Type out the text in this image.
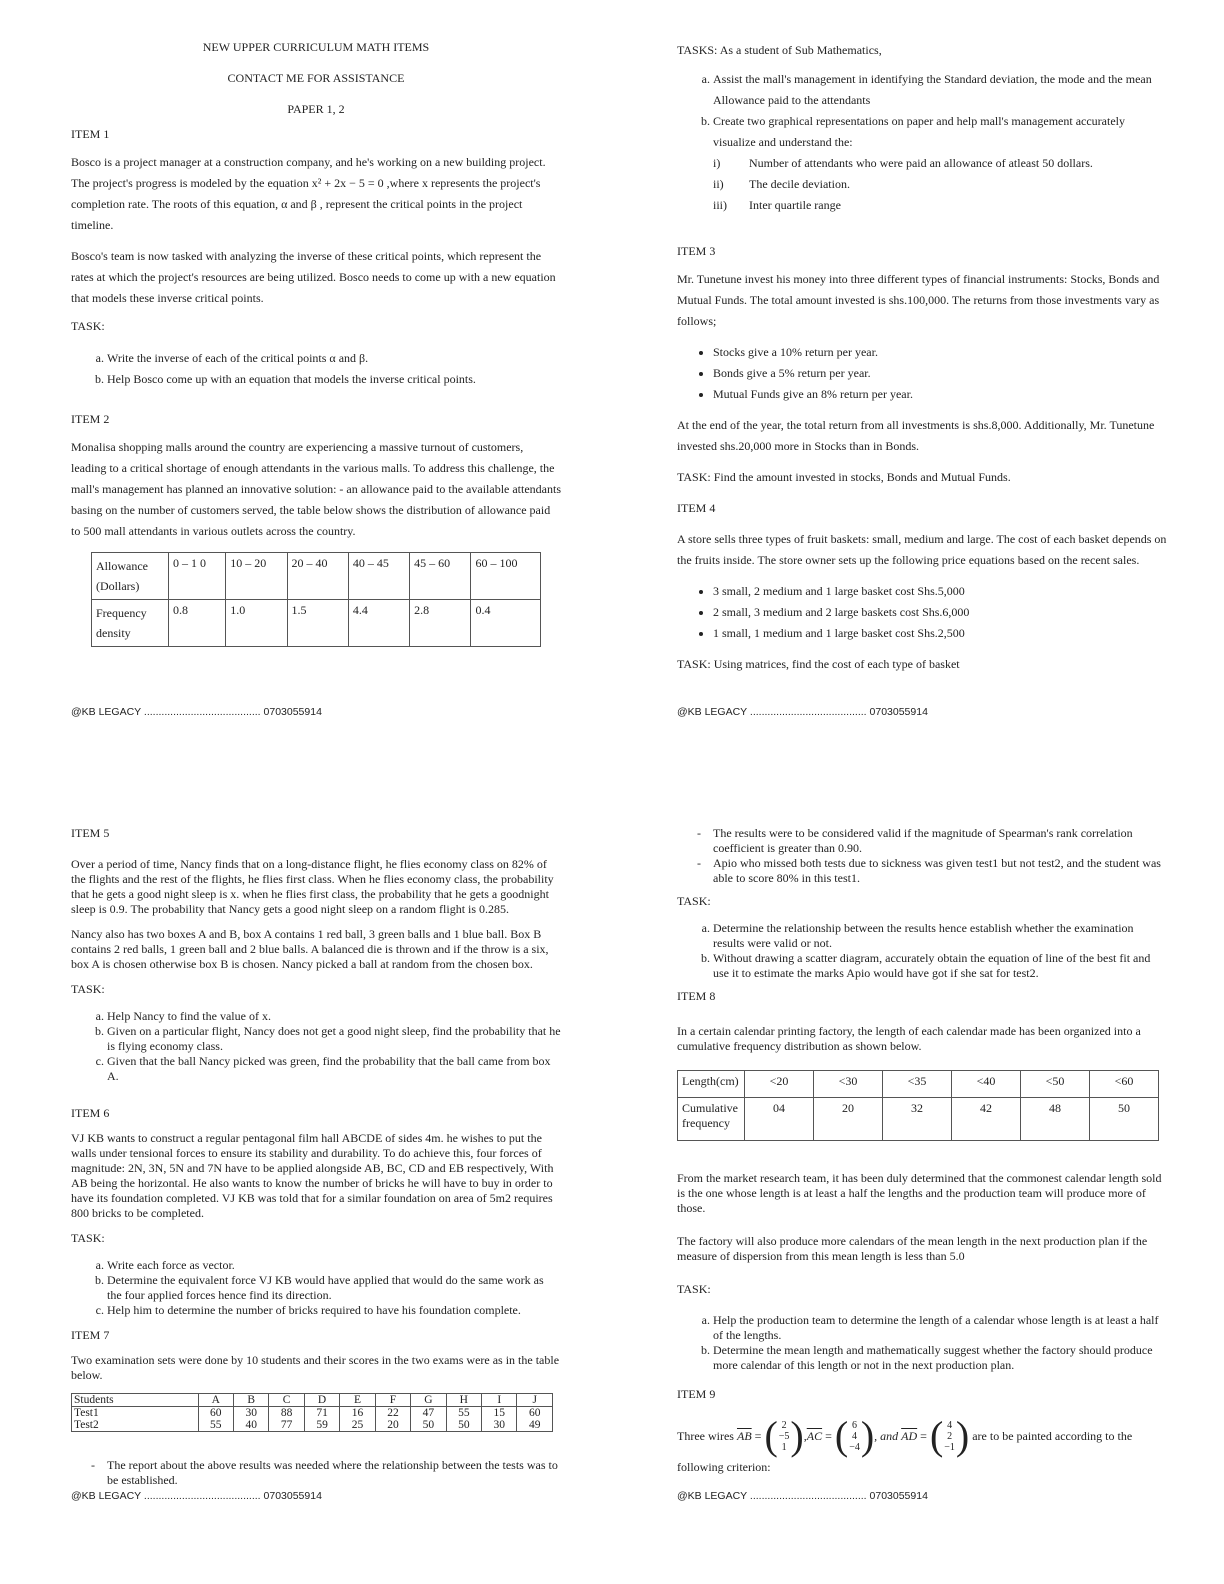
NEW UPPER CURRICULUM MATH ITEMS

CONTACT ME FOR ASSISTANCE

PAPER 1, 2

ITEM 1

Bosco is a project manager at a construction company, and he's working on a new building project. The project's progress is modeled by the equation x² + 2x − 5 = 0 ,where x represents the project's completion rate. The roots of this equation, α and β , represent the critical points in the project timeline.

Bosco's team is now tasked with analyzing the inverse of these critical points, which represent the rates at which the project's resources are being utilized. Bosco needs to come up with a new equation that models these inverse critical points.

TASK:

a. Write the inverse of each of the critical points α and β.
b. Help Bosco come up with an equation that models the inverse critical points.

ITEM 2

Monalisa shopping malls around the country are experiencing a massive turnout of customers, leading to a critical shortage of enough attendants in the various malls. To address this challenge, the mall's management has planned an innovative solution: - an allowance paid to the available attendants basing on the number of customers served, the table below shows the distribution of allowance paid to 500 mall attendants in various outlets across the country.

Allowance (Dollars)	0 – 1 0	10 – 20	20 – 40	40 – 45	45 – 60	60 – 100
Frequency density	0.8	1.0	1.5	4.4	2.8	0.4
@KB LEGACY ........................................ 0703055914

TASKS: As a student of Sub Mathematics,

a. Assist the mall's management in identifying the Standard deviation, the mode and the mean Allowance paid to the attendants
b. Create two graphical representations on paper and help mall's management accurately visualize and understand the:
i) Number of attendants who were paid an allowance of atleast 50 dollars.
ii) The decile deviation.
iii) Inter quartile range

ITEM 3

Mr. Tunetune invest his money into three different types of financial instruments: Stocks, Bonds and Mutual Funds. The total amount invested is shs.100,000. The returns from those investments vary as follows;

• Stocks give a 10% return per year.
• Bonds give a 5% return per year.
• Mutual Funds give an 8% return per year.

At the end of the year, the total return from all investments is shs.8,000. Additionally, Mr. Tunetune invested shs.20,000 more in Stocks than in Bonds.

TASK: Find the amount invested in stocks, Bonds and Mutual Funds.

ITEM 4

A store sells three types of fruit baskets: small, medium and large. The cost of each basket depends on the fruits inside. The store owner sets up the following price equations based on the recent sales.

• 3 small, 2 medium and 1 large basket cost Shs.5,000
• 2 small, 3 medium and 2 large baskets cost Shs.6,000
• 1 small, 1 medium and 1 large basket cost Shs.2,500

TASK: Using matrices, find the cost of each type of basket

@KB LEGACY ........................................ 0703055914

ITEM 5

Over a period of time, Nancy finds that on a long-distance flight, he flies economy class on 82% of the flights and the rest of the flights, he flies first class. When he flies economy class, the probability that he gets a good night sleep is x. when he flies first class, the probability that he gets a goodnight sleep is 0.9. The probability that Nancy gets a good night sleep on a random flight is 0.285.

Nancy also has two boxes A and B, box A contains 1 red ball, 3 green balls and 1 blue ball. Box B contains 2 red balls, 1 green ball and 2 blue balls. A balanced die is thrown and if the throw is a six, box A is chosen otherwise box B is chosen. Nancy picked a ball at random from the chosen box.

TASK:

a. Help Nancy to find the value of x.
b. Given on a particular flight, Nancy does not get a good night sleep, find the probability that he is flying economy class.
c. Given that the ball Nancy picked was green, find the probability that the ball came from box A.

ITEM 6

VJ KB wants to construct a regular pentagonal film hall ABCDE of sides 4m. he wishes to put the walls under tensional forces to ensure its stability and durability. To do achieve this, four forces of magnitude: 2N, 3N, 5N and 7N have to be applied alongside AB, BC, CD and EB respectively, With AB being the horizontal. He also wants to know the number of bricks he will have to buy in order to have its foundation completed. VJ KB was told that for a similar foundation on area of 5m2 requires 800 bricks to be completed.

TASK:

a. Write each force as vector.
b. Determine the equivalent force VJ KB would have applied that would do the same work as the four applied forces hence find its direction.
c. Help him to determine the number of bricks required to have his foundation complete.

ITEM 7

Two examination sets were done by 10 students and their scores in the two exams were as in the table below.

Students	A	B	C	D	E	F	G	H	I	J
Test1	60	30	88	71	16	22	47	55	15	60
Test2	55	40	77	59	25	20	50	50	30	49
- The report about the above results was needed where the relationship between the tests was to be established.
@KB LEGACY ........................................ 0703055914
- The results were to be considered valid if the magnitude of Spearman's rank correlation coefficient is greater than 0.90.
- Apio who missed both tests due to sickness was given test1 but not test2, and the student was able to score 80% in this test1.

TASK:

a. Determine the relationship between the results hence establish whether the examination results were valid or not.
b. Without drawing a scatter diagram, accurately obtain the equation of line of the best fit and use it to estimate the marks Apio would have got if she sat for test2.

ITEM 8

In a certain calendar printing factory, the length of each calendar made has been organized into a cumulative frequency distribution as shown below.

Length(cm)	<20	<30	<35	<40	<50	<60
Cumulative frequency	04	20	32	42	48	50

From the market research team, it has been duly determined that the commonest calendar length sold is the one whose length is at least a half the lengths and the production team will produce more of those.

The factory will also produce more calendars of the mean length in the next production plan if the measure of dispersion from this mean length is less than 5.0

TASK:

a. Help the production team to determine the length of a calendar whose length is at least a half of the lengths.
b. Determine the mean length and mathematically suggest whether the factory should produce more calendar of this length or not in the next production plan.

ITEM 9

Three wires
$\overline{AB}$ = ( 2
−5
1 ) , $\overline{AC}$ = ( 6
4
−4 ) , and
$\overline{AD}$ = ( 4
2
−1 )
are to be painted according to the

following criterion:

@KB LEGACY ........................................ 0703055914
